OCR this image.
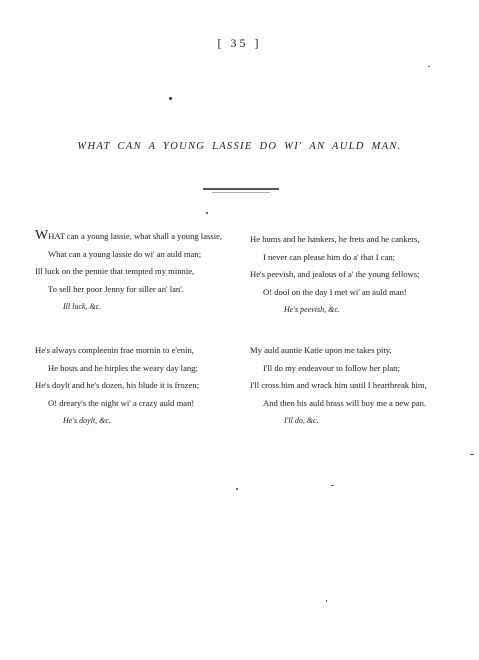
[ 35 ]
WHAT CAN A YOUNG LASSIE DO WI' AN AULD MAN.
WHAT can a young lassie, what shall a young lassie,
What can a young lassie do wi' an auld man;
Ill luck on the pennie that tempted my minnie,
To sell her poor Jenny for siller an' lan'.
Ill luck, &c.
He hums and he hankers, he frets and he cankers,
I never can please him do a' that I can;
He's peevish, and jealous of a' the young fellows;
O! dool on the day I met wi' an auld man!
He's peevish, &c.
He's always compleenin frae mornin to e'enin,
He hosts and he hirples the weary day lang;
He's doylt and he's dozen, his blude it is frozen;
O! dreary's the night wi' a crazy auld man!
He's doylt, &c.
My auld auntie Katie upon me takes pity,
I'll do my endeavour to follow her plan;
I'll cross him and wrack him until I heartbreak him,
And then his auld brass will buy me a new pan.
I'll do, &c.
